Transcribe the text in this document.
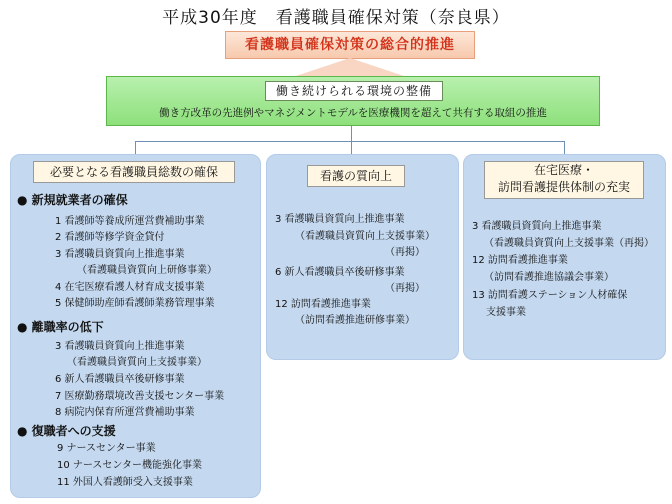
平成30年度　看護職員確保対策（奈良県）
看護職員確保対策の総合的推進
働き続けられる環境の整備
働き方改革の先進例やマネジメントモデルを医療機関を超えて共有する取組の推進
必要となる看護職員総数の確保
● 新規就業者の確保
1 看護師等養成所運営費補助事業
2 看護師等修学資金貸付
3 看護職員資質向上推進事業
（看護職員資質向上研修事業）
4 在宅医療看護人材育成支援事業
5 保健師助産師看護師業務管理事業
● 離職率の低下
3 看護職員資質向上推進事業
（看護職員資質向上支援事業）
6 新人看護職員卒後研修事業
7 医療勤務環境改善支援センター事業
8 病院内保育所運営費補助事業
● 復職者への支援
9 ナースセンター事業
10 ナースセンター機能強化事業
11 外国人看護師受入支援事業
看護の質向上
3 看護職員資質向上推進事業
（看護職員資質向上支援事業）
（再掲）
6 新人看護職員卒後研修事業
（再掲）
12 訪問看護推進事業
（訪問看護推進研修事業）
在宅医療・
訪問看護提供体制の充実
3 看護職員資質向上推進事業
（看護職員資質向上支援事業（再掲）
12 訪問看護推進事業
（訪問看護推進協議会事業）
13 訪問看護ステーション人材確保
支援事業
